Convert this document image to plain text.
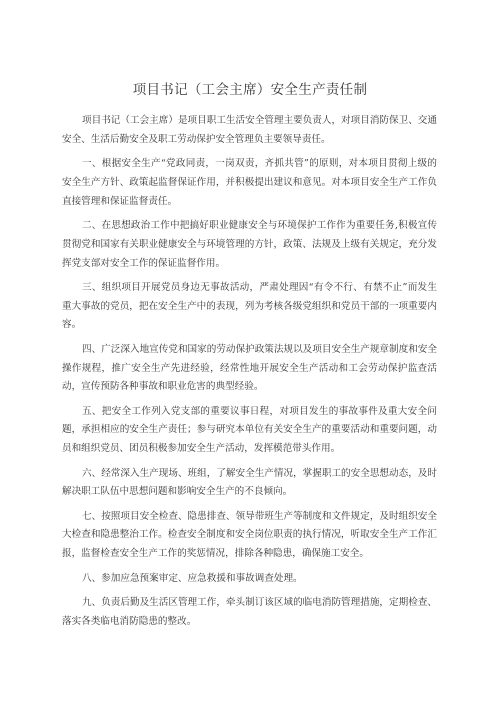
项目书记（工会主席）安全生产责任制

项目书记（工会主席）是项目职工生活安全管理主要负责人，对项目消防保卫、交通安全、生活后勤安全及职工劳动保护安全管理负主要领导责任。

一、根据安全生产“党政同责，一岗双责，齐抓共管”的原则，对本项目贯彻上级的安全生产方针、政策起监督保证作用，并积极提出建议和意见。对本项目安全生产工作负直接管理和保证监督责任。

二、在思想政治工作中把搞好职业健康安全与环境保护工作作为重要任务,积极宣传贯彻党和国家有关职业健康安全与环境管理的方针，政策、法规及上级有关规定，充分发挥党支部对安全工作的保证监督作用。

三、组织项目开展党员身边无事故活动，严肃处理因“有令不行、有禁不止”而发生重大事故的党员，把在安全生产中的表现，列为考核各级党组织和党员干部的一项重要内容。

四、广泛深入地宣传党和国家的劳动保护政策法规以及项目安全生产规章制度和安全操作规程，推广安全生产先进经验，经常性地开展安全生产活动和工会劳动保护监查活动，宣传预防各种事故和职业危害的典型经验。

五、把安全工作列入党支部的重要议事日程，对项目发生的事故事件及重大安全问题，承担相应的安全生产责任；参与研究本单位有关安全生产的重要活动和重要问题，动员和组织党员、团员积极参加安全生产活动，发挥模范带头作用。

六、经常深入生产现场、班组，了解安全生产情况，掌握职工的安全思想动态，及时解决职工队伍中思想问题和影响安全生产的不良倾向。

七、按照项目安全检查、隐患排查、领导带班生产等制度和文件规定，及时组织安全大检查和隐患整治工作。检查安全制度和安全岗位职责的执行情况，听取安全生产工作汇报，监督检查安全生产工作的奖惩情况，排除各种隐患，确保施工安全。

八、参加应急预案审定、应急救援和事故调查处理。

九、负责后勤及生活区管理工作，牵头制订该区域的临电消防管理措施，定期检查、落实各类临电消防隐患的整改。
